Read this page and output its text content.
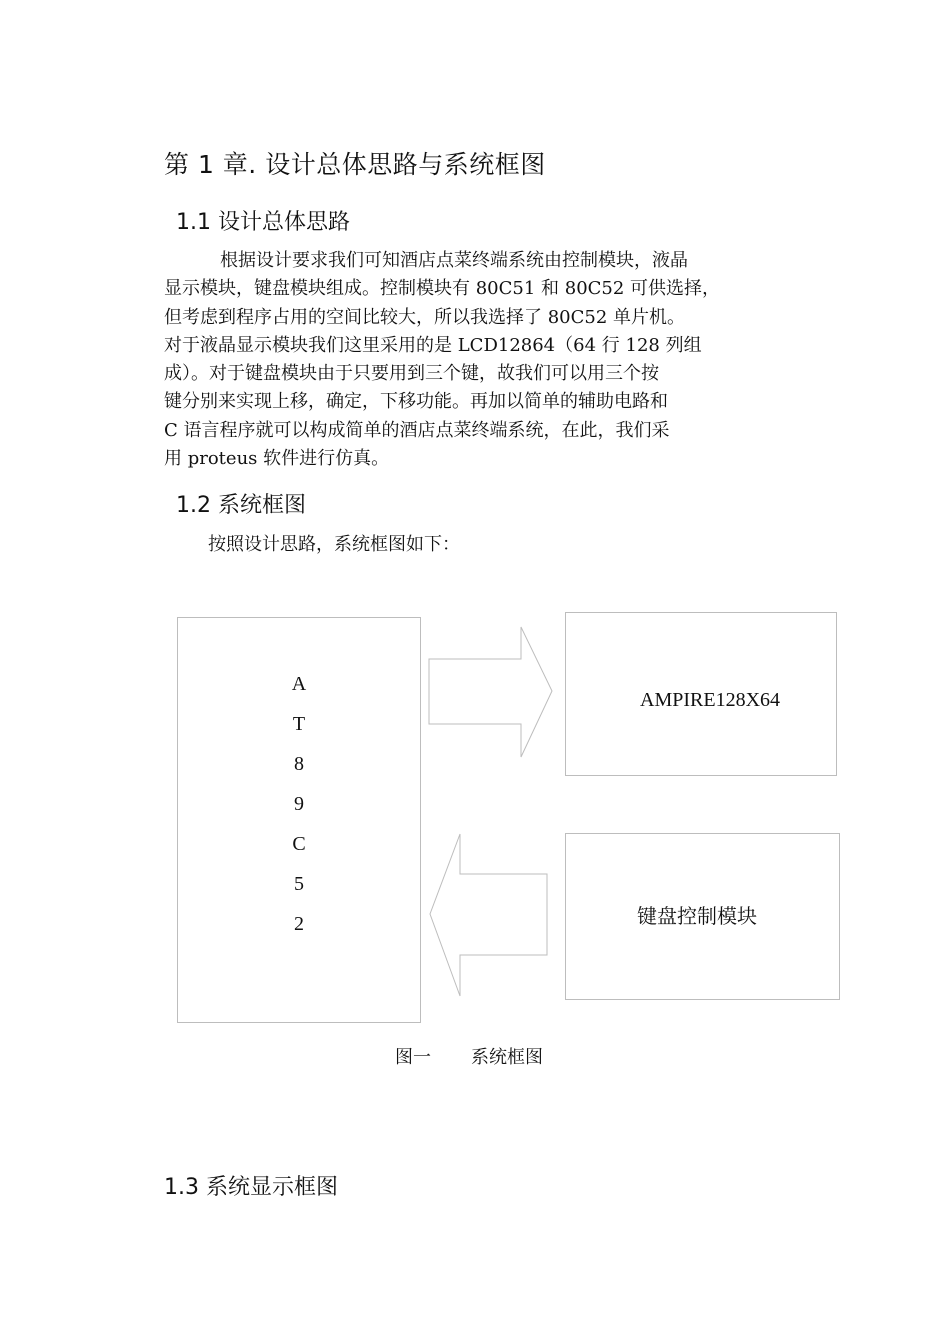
第 1 章. 设计总体思路与系统框图
1.1 设计总体思路
根据设计要求我们可知酒店点菜终端系统由控制模块，液晶
显示模块，键盘模块组成。控制模块有 80C51 和 80C52 可供选择，
但考虑到程序占用的空间比较大，所以我选择了 80C52 单片机。
对于液晶显示模块我们这里采用的是 LCD12864（64 行 128 列组
成）。对于键盘模块由于只要用到三个键，故我们可以用三个按
键分别来实现上移，确定，下移功能。再加以简单的辅助电路和
C 语言程序就可以构成简单的酒店点菜终端系统，在此，我们采
用 proteus 软件进行仿真。
1.2 系统框图
按照设计思路，系统框图如下：
A
T
8
9
C
5
2
AMPIRE128X64
键盘控制模块
图一 系统框图
1.3 系统显示框图
